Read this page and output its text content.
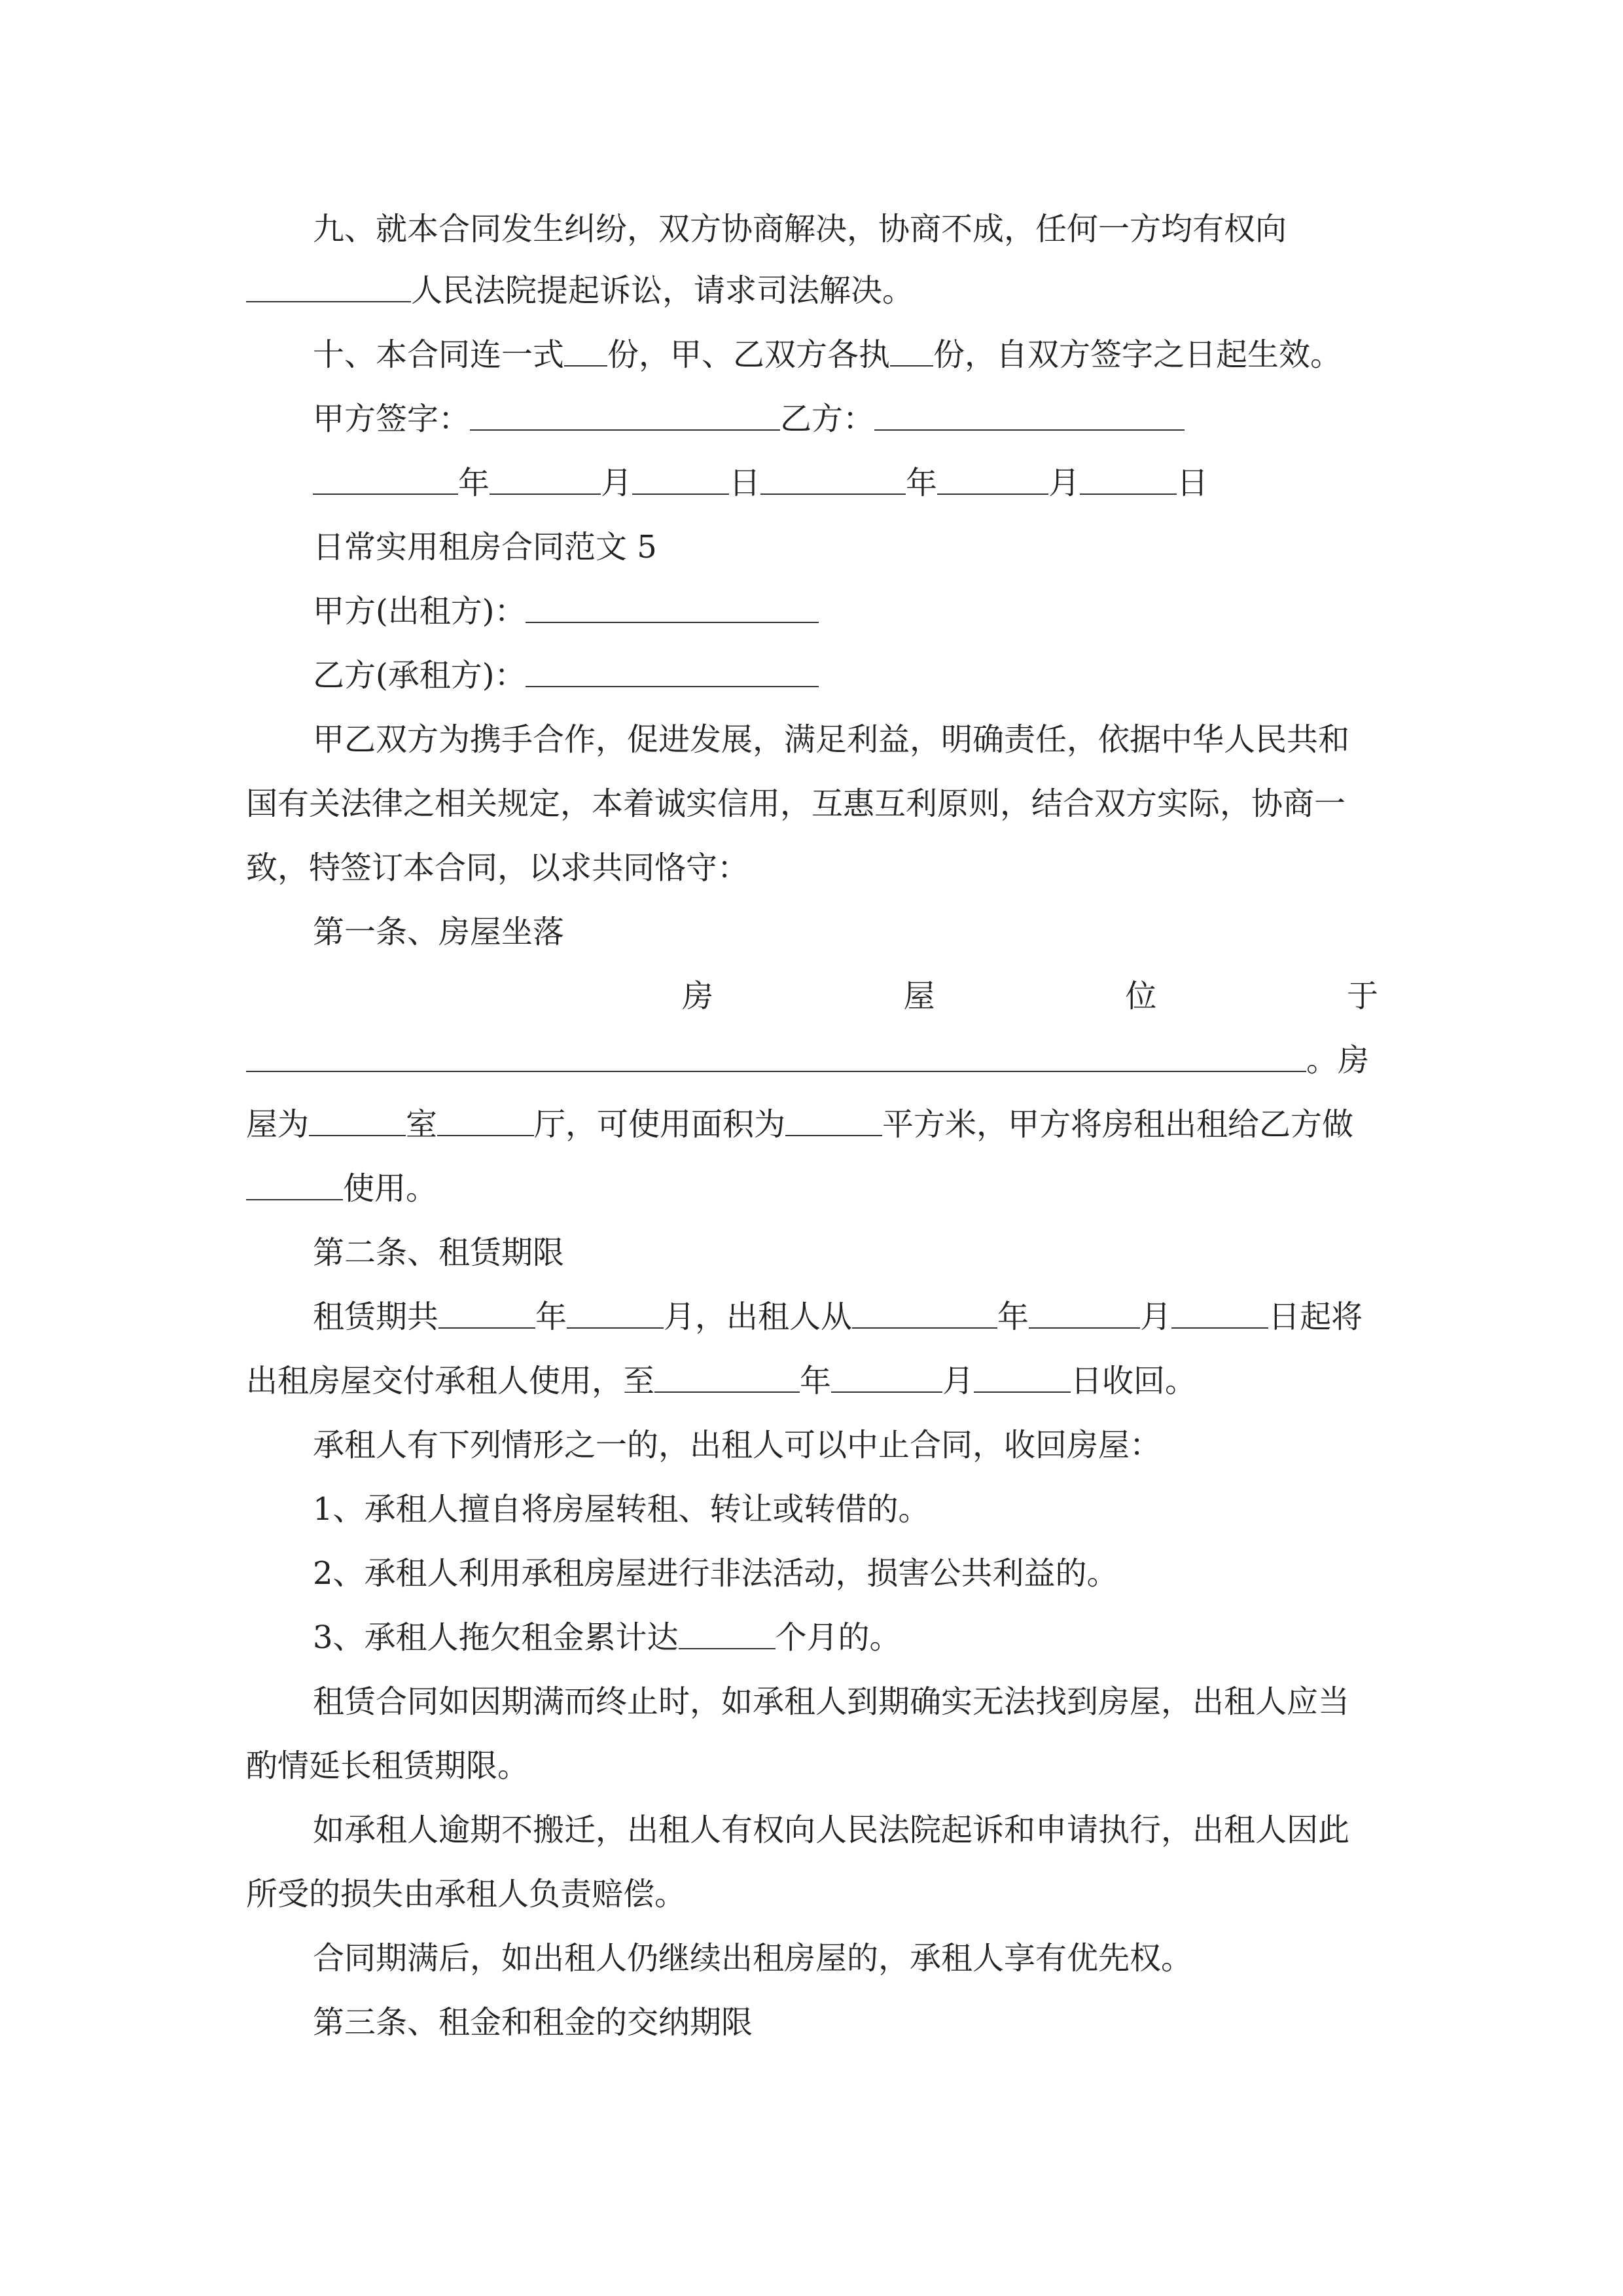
九、就本合同发生纠纷，双方协商解决，协商不成，任何一方均有权向
人民法院提起诉讼，请求司法解决。
十、本合同连一式 份，甲、乙双方各执 份，自双方签字之日起生效。
甲方签字：	乙方：
年	月	日	年	月	日
日常实用租房合同范文 5
甲方(出租方)：
乙方(承租方)：
甲乙双方为携手合作，促进发展，满足利益，明确责任，依据中华人民共和
国有关法律之相关规定，本着诚实信用，互惠互利原则，结合双方实际，协商一
致，特签订本合同，以求共同恪守：
第一条、房屋坐落
房	屋	位	于
。房
屋为	室	厅，可使用面积为	平方米，甲方将房租出租给乙方做
使用。
第二条、租赁期限
租赁期共	年	月，出租人从	年	月	日起将
出租房屋交付承租人使用，至	年	月	日收回。
承租人有下列情形之一的，出租人可以中止合同，收回房屋：
1、承租人擅自将房屋转租、转让或转借的。
2、承租人利用承租房屋进行非法活动，损害公共利益的。
3、承租人拖欠租金累计达	个月的。
租赁合同如因期满而终止时，如承租人到期确实无法找到房屋，出租人应当
酌情延长租赁期限。
如承租人逾期不搬迁，出租人有权向人民法院起诉和申请执行，出租人因此
所受的损失由承租人负责赔偿。
合同期满后，如出租人仍继续出租房屋的，承租人享有优先权。
第三条、租金和租金的交纳期限
